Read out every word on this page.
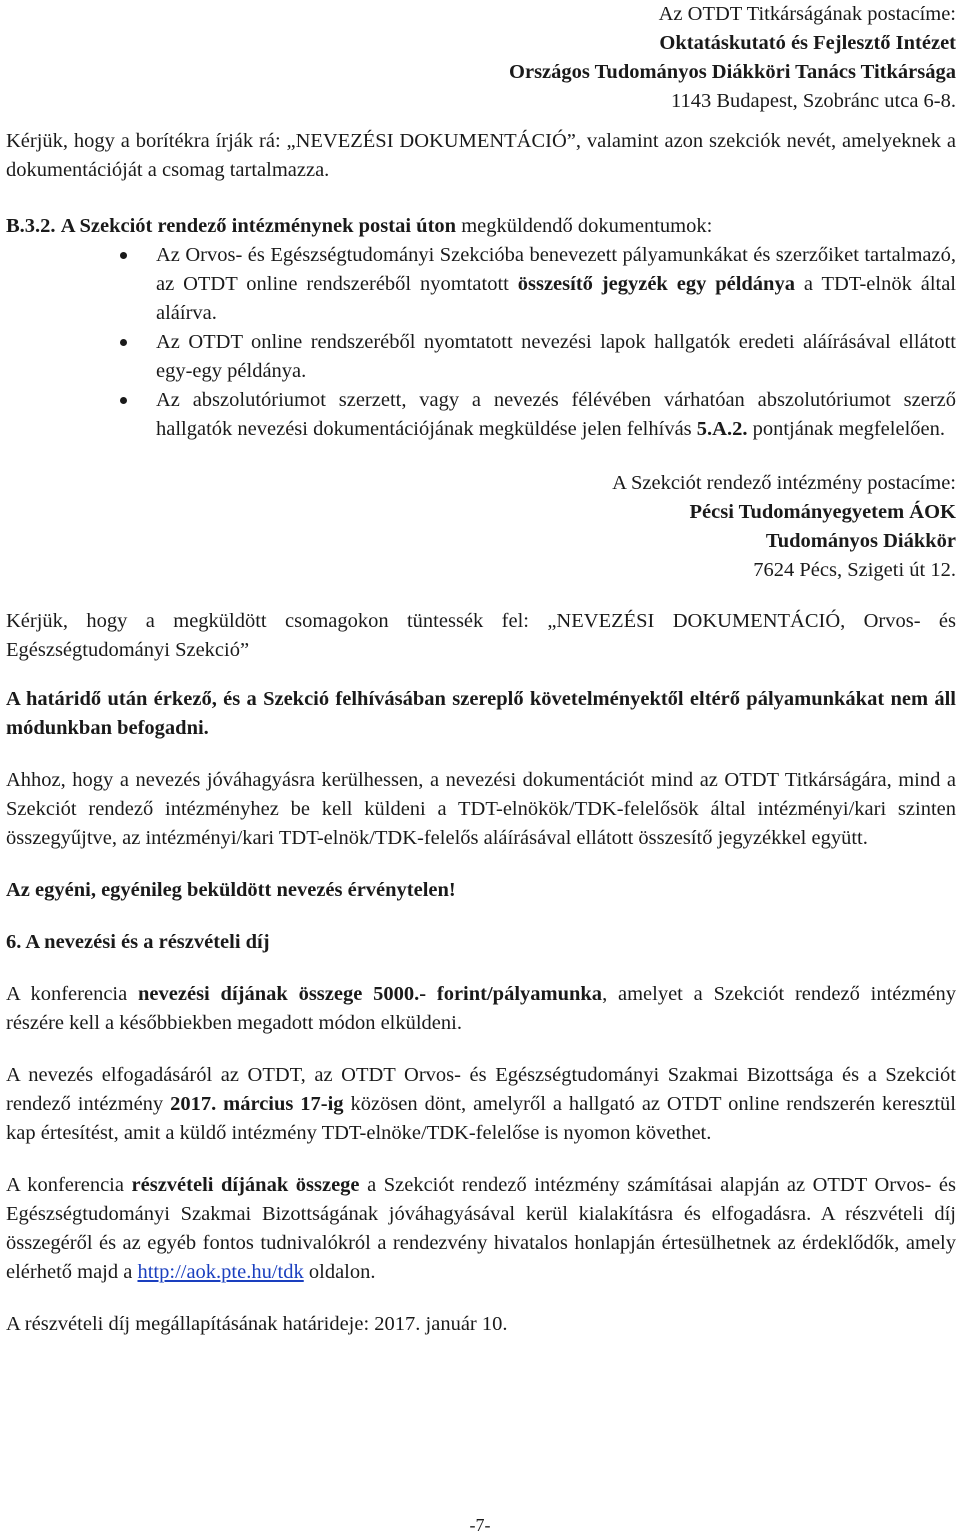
Az OTDT Titkárságának postacíme:

Oktatáskutató és Fejlesztő Intézet

Országos Tudományos Diákköri Tanács Titkársága

1143 Budapest, Szobránc utca 6-8.

Kérjük, hogy a borítékra írják rá: „NEVEZÉSI DOKUMENTÁCIÓ”, valamint azon szekciók nevét, amelyeknek a dokumentációját a csomag tartalmazza.

B.3.2. A Szekciót rendező intézménynek postai úton megküldendő dokumentumok:

Az Orvos- és Egészségtudományi Szekcióba benevezett pályamunkákat és szerzőiket tartalmazó, az OTDT online rendszeréből nyomtatott összesítő jegyzék egy példánya a TDT-elnök által aláírva.
Az OTDT online rendszeréből nyomtatott nevezési lapok hallgatók eredeti aláírásával ellátott egy-egy példánya.
Az abszolutóriumot szerzett, vagy a nevezés félévében várhatóan abszolutóriumot szerző hallgatók nevezési dokumentációjának megküldése jelen felhívás 5.A.2. pontjának megfelelően.

A Szekciót rendező intézmény postacíme:

Pécsi Tudományegyetem ÁOK

Tudományos Diákkör

7624 Pécs, Szigeti út 12.

Kérjük, hogy a megküldött csomagokon tüntessék fel: „NEVEZÉSI DOKUMENTÁCIÓ, Orvos- és Egészségtudományi Szekció”

A határidő után érkező, és a Szekció felhívásában szereplő követelményektől eltérő pályamunkákat nem áll módunkban befogadni.

Ahhoz, hogy a nevezés jóváhagyásra kerülhessen, a nevezési dokumentációt mind az OTDT Titkárságára, mind a Szekciót rendező intézményhez be kell küldeni a TDT-elnökök/TDK-felelősök által intézményi/kari szinten összegyűjtve, az intézményi/kari TDT-elnök/TDK-felelős aláírásával ellátott összesítő jegyzékkel együtt.

Az egyéni, egyénileg beküldött nevezés érvénytelen!

6. A nevezési és a részvételi díj

A konferencia nevezési díjának összege 5000.- forint/pályamunka, amelyet a Szekciót rendező intézmény részére kell a későbbiekben megadott módon elküldeni.

A nevezés elfogadásáról az OTDT, az OTDT Orvos- és Egészségtudományi Szakmai Bizottsága és a Szekciót rendező intézmény 2017. március 17-ig közösen dönt, amelyről a hallgató az OTDT online rendszerén keresztül kap értesítést, amit a küldő intézmény TDT-elnöke/TDK-felelőse is nyomon követhet.

A konferencia részvételi díjának összege a Szekciót rendező intézmény számításai alapján az OTDT Orvos- és Egészségtudományi Szakmai Bizottságának jóváhagyásával kerül kialakításra és elfogadásra. A részvételi díj összegéről és az egyéb fontos tudnivalókról a rendezvény hivatalos honlapján értesülhetnek az érdeklődők, amely elérhető majd a http://aok.pte.hu/tdk oldalon.

A részvételi díj megállapításának határideje: 2017. január 10.

-7-
